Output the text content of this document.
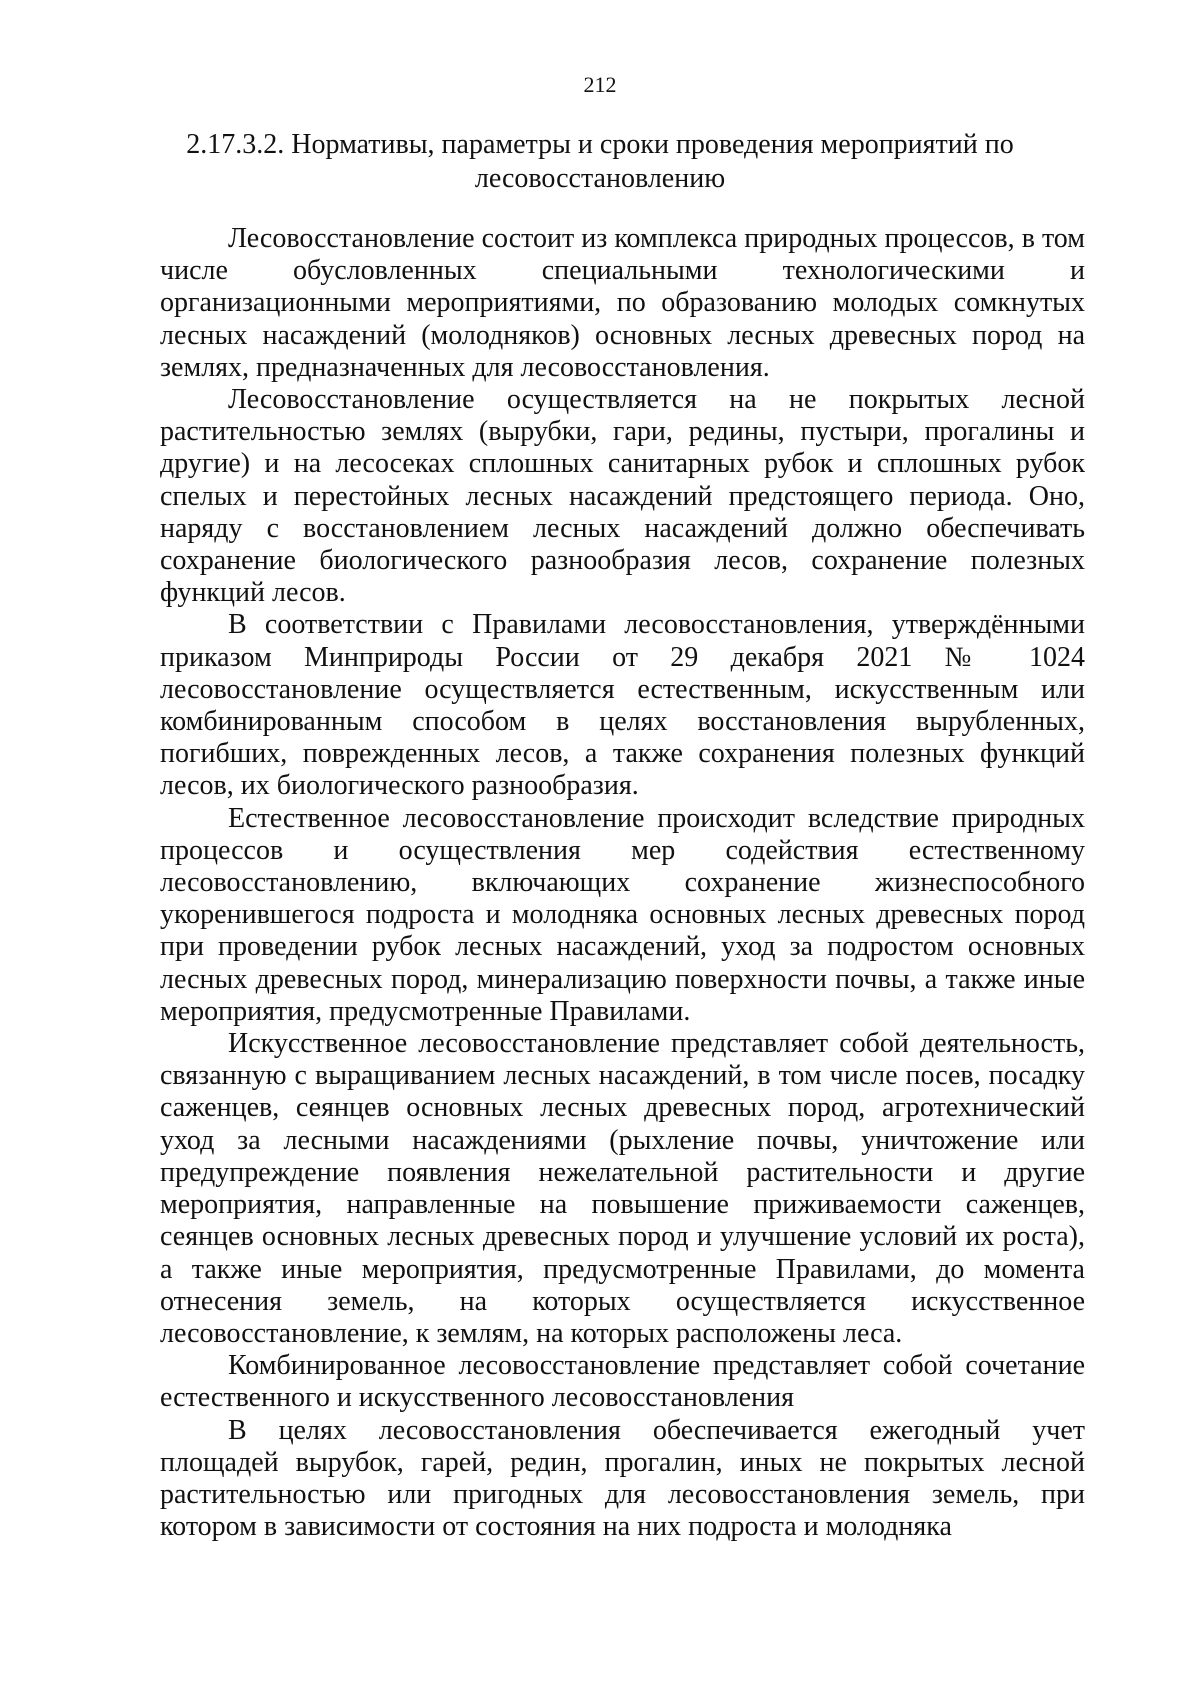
212
2.17.3.2. Нормативы, параметры и сроки проведения мероприятий по лесовосстановлению

Лесовосстановление состоит из комплекса природных процессов, в том числе обусловленных специальными технологическими и организационными мероприятиями, по образованию молодых сомкнутых лесных насаждений (молодняков) основных лесных древесных пород на землях, предназначенных для лесовосстановления.

Лесовосстановление осуществляется на не покрытых лесной растительностью землях (вырубки, гари, редины, пустыри, прогалины и другие) и на лесосеках сплошных санитарных рубок и сплошных рубок спелых и перестойных лесных насаждений предстоящего периода. Оно, наряду с восстановлением лесных насаждений должно обеспечивать сохранение биологического разнообразия лесов, сохранение полезных функций лесов.

В соответствии с Правилами лесовосстановления, утверждёнными приказом Минприроды России от 29 декабря 2021 № 1024 лесовосстановление осуществляется естественным, искусственным или комбинированным способом в целях восстановления вырубленных, погибших, поврежденных лесов, а также сохранения полезных функций лесов, их биологического разнообразия.

Естественное лесовосстановление происходит вследствие природных процессов и осуществления мер содействия естественному лесовосстановлению, включающих сохранение жизнеспособного укоренившегося подроста и молодняка основных лесных древесных пород при проведении рубок лесных насаждений, уход за подростом основных лесных древесных пород, минерализацию поверхности почвы, а также иные мероприятия, предусмотренные Правилами.

Искусственное лесовосстановление представляет собой деятельность, связанную с выращиванием лесных насаждений, в том числе посев, посадку саженцев, сеянцев основных лесных древесных пород, агротехнический уход за лесными насаждениями (рыхление почвы, уничтожение или предупреждение появления нежелательной растительности и другие мероприятия, направленные на повышение приживаемости саженцев, сеянцев основных лесных древесных пород и улучшение условий их роста), а также иные мероприятия, предусмотренные Правилами, до момента отнесения земель, на которых осуществляется искусственное лесовосстановление, к землям, на которых расположены леса.

Комбинированное лесовосстановление представляет собой сочетание естественного и искусственного лесовосстановления

В целях лесовосстановления обеспечивается ежегодный учет площадей вырубок, гарей, редин, прогалин, иных не покрытых лесной растительностью или пригодных для лесовосстановления земель, при котором в зависимости от состояния на них подроста и молодняка
